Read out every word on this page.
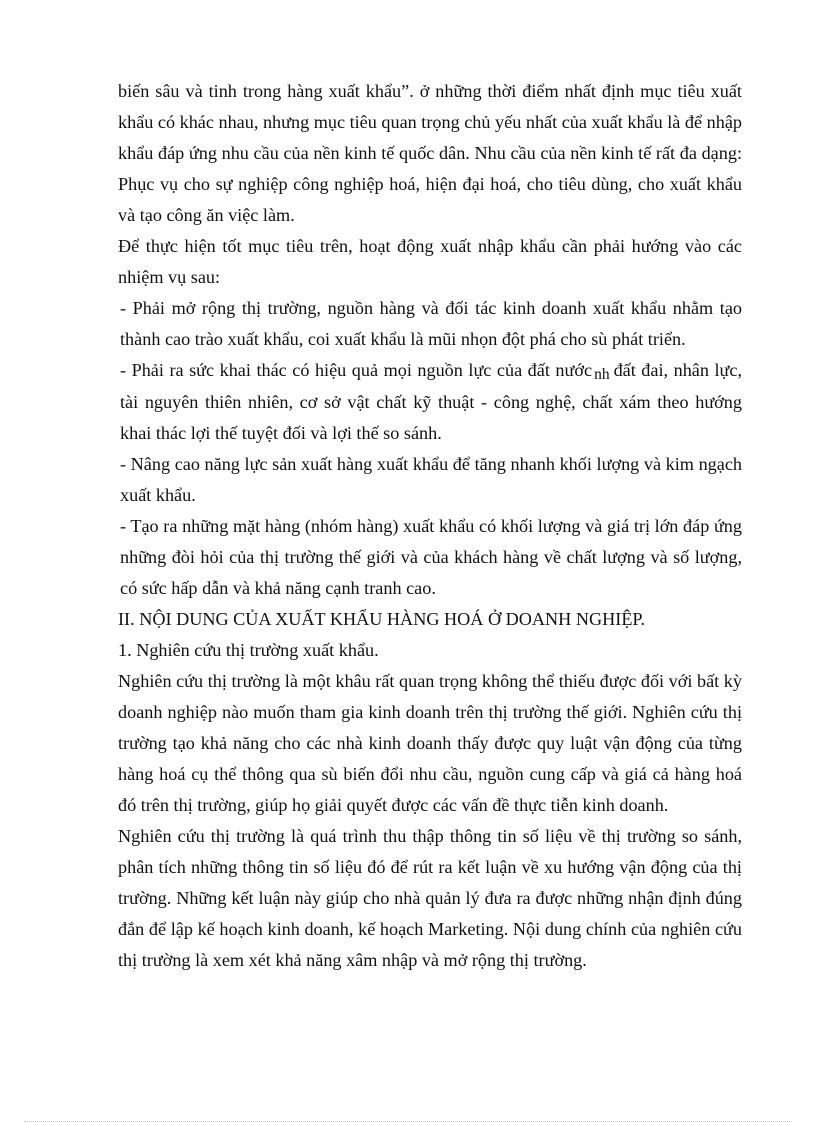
biến sâu và tinh trong hàng xuất khẩu”. ở những thời điểm nhất định mục tiêu xuất khẩu có khác nhau, nhưng mục tiêu quan trọng chủ yếu nhất của xuất khẩu là để nhập khẩu đáp ứng nhu cầu của nền kinh tế quốc dân. Nhu cầu của nền kinh tế rất đa dạng: Phục vụ cho sự nghiệp công nghiệp hoá, hiện đại hoá, cho tiêu dùng, cho xuất khẩu và tạo công ăn việc làm.

Để thực hiện tốt mục tiêu trên, hoạt động xuất nhập khẩu cần phải hướng vào các nhiệm vụ sau:

- Phải mở rộng thị trường, nguồn hàng và đối tác kinh doanh xuất khẩu nhằm tạo thành cao trào xuất khẩu, coi xuất khẩu là mũi nhọn đột phá cho sù phát triển.

- Phải ra sức khai thác có hiệu quả mọi nguồn lực của đất nước nh đất đai, nhân lực, tài nguyên thiên nhiên, cơ sở vật chất kỹ thuật - công nghệ, chất xám theo hướng khai thác lợi thế tuyệt đối và lợi thế so sánh.

- Nâng cao năng lực sản xuất hàng xuất khẩu để tăng nhanh khối lượng và kim ngạch xuất khẩu.

- Tạo ra những mặt hàng (nhóm hàng) xuất khẩu có khối lượng và giá trị lớn đáp ứng những đòi hỏi của thị trường thế giới và của khách hàng về chất lượng và số lượng, có sức hấp dẫn và khả năng cạnh tranh cao.

II. NỘI DUNG CỦA XUẤT KHẨU HÀNG HOÁ Ở DOANH NGHIỆP.

1. Nghiên cứu thị trường xuất khẩu.

Nghiên cứu thị trường là một khâu rất quan trọng không thể thiếu được đối với bất kỳ doanh nghiệp nào muốn tham gia kinh doanh trên thị trường thế giới. Nghiên cứu thị trường tạo khả năng cho các nhà kinh doanh thấy được quy luật vận động của từng hàng hoá cụ thể thông qua sù biến đổi nhu cầu, nguồn cung cấp và giá cả hàng hoá đó trên thị trường, giúp họ giải quyết được các vấn đề thực tiễn kinh doanh.

Nghiên cứu thị trường là quá trình thu thập thông tin số liệu về thị trường so sánh, phân tích những thông tin số liệu đó để rút ra kết luận về xu hướng vận động của thị trường. Những kết luận này giúp cho nhà quản lý đưa ra được những nhận định đúng đắn để lập kế hoạch kinh doanh, kế hoạch Marketing. Nội dung chính của nghiên cứu thị trường là xem xét khả năng xâm nhập và mở rộng thị trường.
